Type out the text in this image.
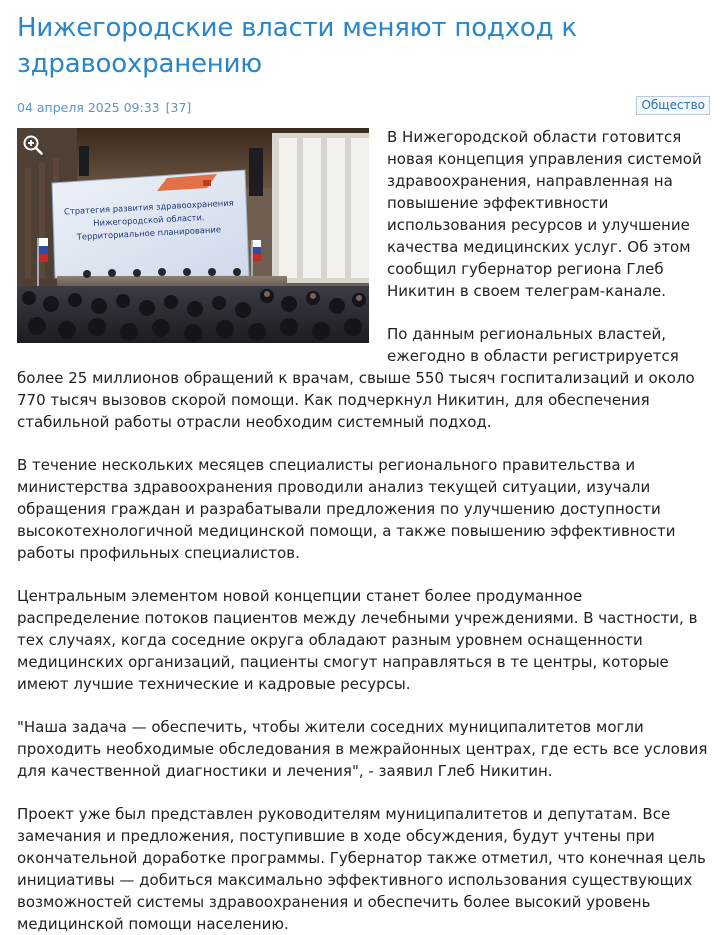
Нижегородские власти меняют подход к здравоохранению
04 апреля 2025 09:33 [37]	Общество
Стратегия развития здравоохранения
Нижегородской области.
Территориальное планирование

В Нижегородской области готовится новая концепция управления системой здравоохранения, направленная на повышение эффективности использования ресурсов и улучшение качества медицинских услуг. Об этом сообщил губернатор региона Глеб Никитин в своем телеграм-канале.

По данным региональных властей, ежегодно в области регистрируется более 25 миллионов обращений к врачам, свыше 550 тысяч госпитализаций и около 770 тысяч вызовов скорой помощи. Как подчеркнул Никитин, для обеспечения стабильной работы отрасли необходим системный подход.

В течение нескольких месяцев специалисты регионального правительства и министерства здравоохранения проводили анализ текущей ситуации, изучали обращения граждан и разрабатывали предложения по улучшению доступности высокотехнологичной медицинской помощи, а также повышению эффективности работы профильных специалистов.

Центральным элементом новой концепции станет более продуманное распределение потоков пациентов между лечебными учреждениями. В частности, в тех случаях, когда соседние округа обладают разным уровнем оснащенности медицинских организаций, пациенты смогут направляться в те центры, которые имеют лучшие технические и кадровые ресурсы.

"Наша задача — обеспечить, чтобы жители соседних муниципалитетов могли проходить необходимые обследования в межрайонных центрах, где есть все условия для качественной диагностики и лечения", - заявил Глеб Никитин.

Проект уже был представлен руководителям муниципалитетов и депутатам. Все замечания и предложения, поступившие в ходе обсуждения, будут учтены при окончательной доработке программы. Губернатор также отметил, что конечная цель инициативы — добиться максимально эффективного использования существующих возможностей системы здравоохранения и обеспечить более высокий уровень медицинской помощи населению.
